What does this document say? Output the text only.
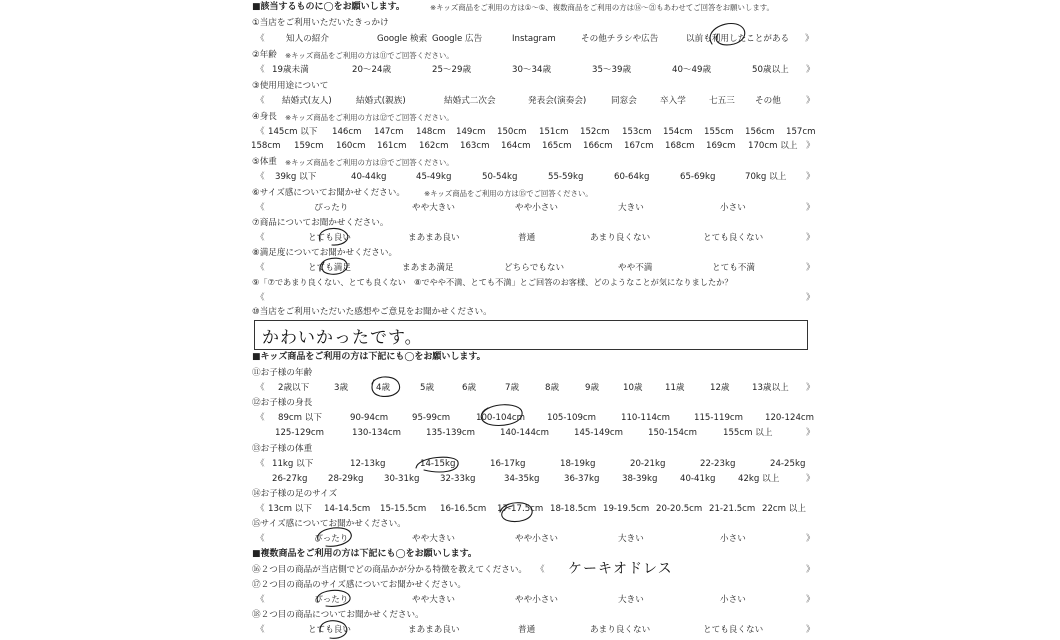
■該当するものに◯をお願いします。	※キッズ商品をご利用の方は①〜⑤、複数商品をご利用の方は⑯〜㉑もあわせてご回答をお願いします。
①当店をご利用いただいたきっかけ
《 知人の紹介	Google 検索 Google 広告	Instagram	その他チラシや広告	以前も利用したことがある 》
②年齢 ※キッズ商品をご利用の方は⑪でご回答ください。
《 19歳未満	20〜24歳	25〜29歳	30〜34歳	35〜39歳	40〜49歳	50歳以上 》
③使用用途について
《 結婚式(友人)	結婚式(親族)	結婚式二次会	発表会(演奏会)	同窓会	卒入学	七五三 その他	》
④身長 ※キッズ商品をご利用の方は⑫でご回答ください。
《 145cm 以下 146cm 147cm 148cm 149cm 150cm 151cm 152cm 153cm 154cm 155cm 156cm 157cm
158cm 159cm 160cm 161cm 162cm 163cm 164cm 165cm 166cm 167cm 168cm 169cm 170cm 以上 》
⑤体重 ※キッズ商品をご利用の方は⑬でご回答ください。
《 39kg 以下	40-44kg	45-49kg	50-54kg	55-59kg	60-64kg	65-69kg	70kg 以上 》
⑥サイズ感についてお聞かせください。	※キッズ商品をご利用の方は⑮でご回答ください。
《	ぴったり	やや大きい	やや小さい	大きい	小さい	》
⑦商品についてお聞かせください。
《	とても良い	まあまあ良い	普通	あまり良くない	とても良くない	》
⑧満足度についてお聞かせください。
《	とても満足	まあまあ満足	どちらでもない	やや不満	とても不満	》
⑨「⑦であまり良くない、とても良くない　⑧でやや不満、とても不満」とご回答のお客様、どのようなことが気になりましたか？
《	》
⑩当店をご利用いただいた感想やご意見をお聞かせください。
かわいかったです。
■キッズ商品をご利用の方は下記にも◯をお願いします。
⑪お子様の年齢
《 2歳以下	3歳	4歳	5歳	6歳	7歳	8歳	9歳	10歳	11歳	12歳	13歳以上 》
⑫お子様の身長
《 89cm 以下	90-94cm	95-99cm	100-104cm	105-109cm	110-114cm	115-119cm	120-124cm
125-129cm	130-134cm	135-139cm	140-144cm	145-149cm	150-154cm	155cm 以上	》
⑬お子様の体重
《 11kg 以下	12-13kg	14-15kg	16-17kg	18-19kg	20-21kg	22-23kg	24-25kg
26-27kg 28-29kg 30-31kg 32-33kg	34-35kg	36-37kg	38-39kg	40-41kg	42kg 以上	》
⑭お子様の足のサイズ
《 13cm 以下 14-14.5cm 15-15.5cm 16-16.5cm 17-17.5cm 18-18.5cm 19-19.5cm 20-20.5cm 21-21.5cm 22cm 以上
⑮サイズ感についてお聞かせください。
《	ぴったり	やや大きい	やや小さい	大きい	小さい	》
■複数商品をご利用の方は下記にも◯をお願いします。
⑯２つ目の商品が当店側でどの商品かが分かる特徴を教えてください。 《	》
ケーキオドレス
⑰２つ目の商品のサイズ感についてお聞かせください。
《	ぴったり	やや大きい	やや小さい	大きい	小さい	》
⑱２つ目の商品についてお聞かせください。
《	とても良い	まあまあ良い	普通	あまり良くない	とても良くない	》
